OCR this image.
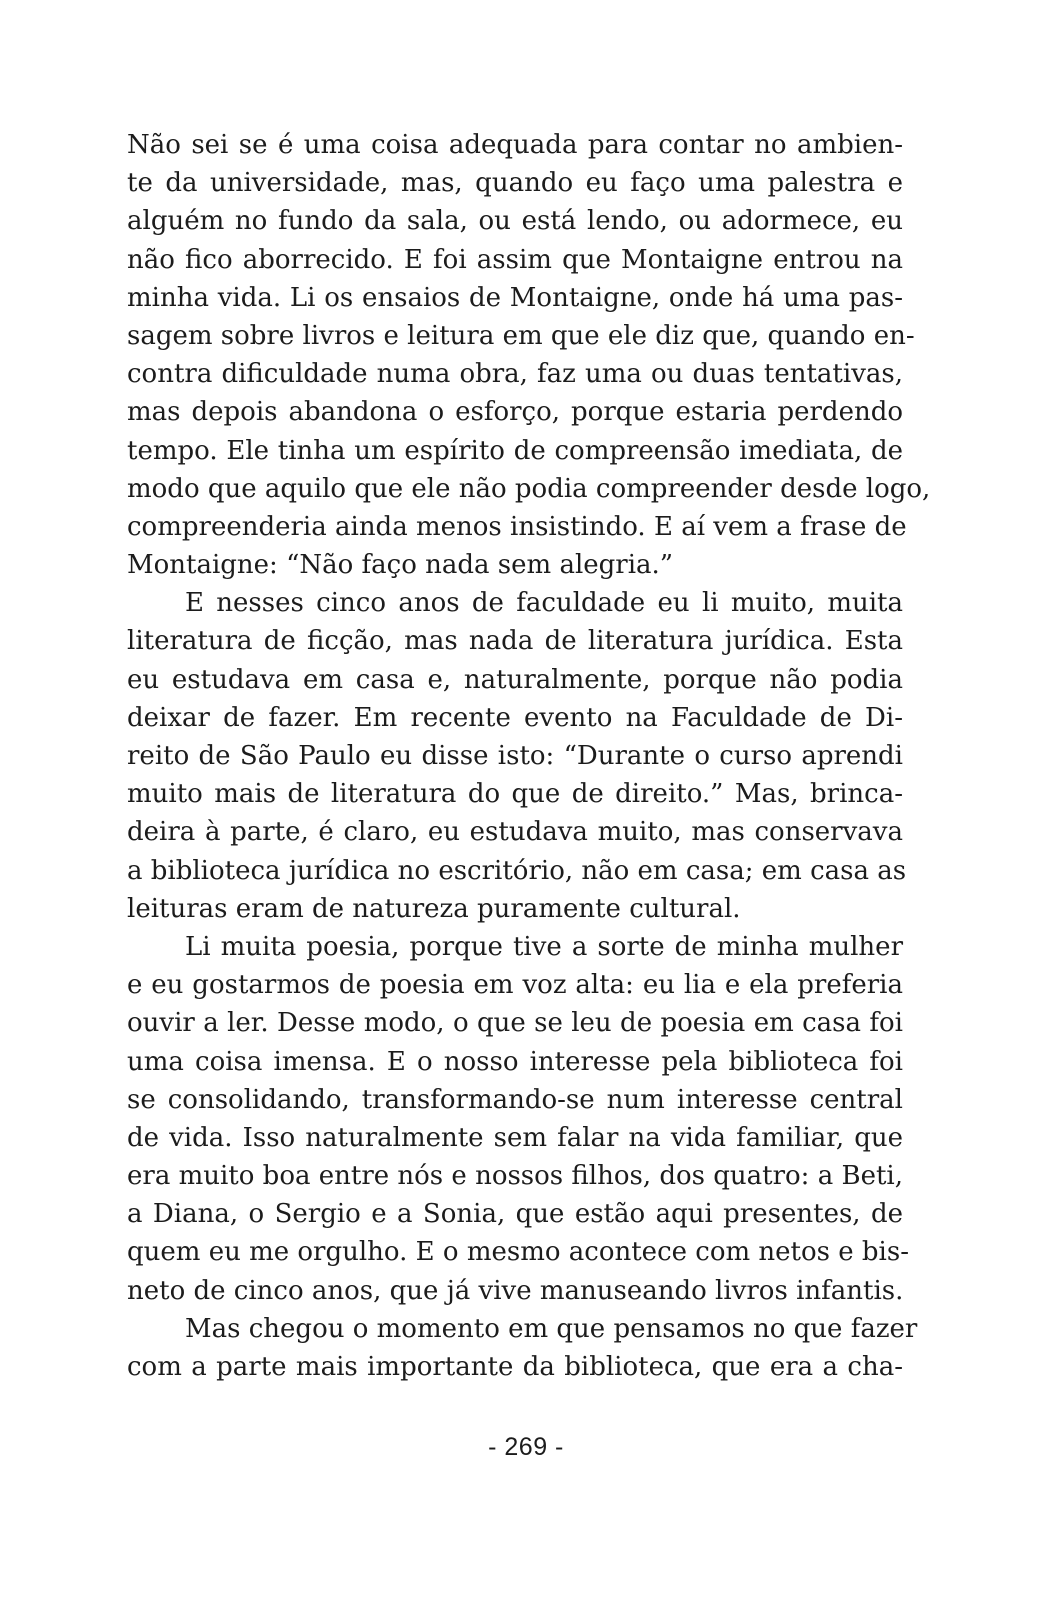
Não sei se é uma coisa adequada para contar no ambien-
te da universidade, mas, quando eu faço uma palestra e
alguém no fundo da sala, ou está lendo, ou adormece, eu
não fico aborrecido. E foi assim que Montaigne entrou na
minha vida. Li os ensaios de Montaigne, onde há uma pas-
sagem sobre livros e leitura em que ele diz que, quando en-
contra dificuldade numa obra, faz uma ou duas tentativas,
mas depois abandona o esforço, porque estaria perdendo
tempo. Ele tinha um espírito de compreensão imediata, de
modo que aquilo que ele não podia compreender desde logo,
compreenderia ainda menos insistindo. E aí vem a frase de
Montaigne: “Não faço nada sem alegria.”
E nesses cinco anos de faculdade eu li muito, muita
literatura de ficção, mas nada de literatura jurídica. Esta
eu estudava em casa e, naturalmente, porque não podia
deixar de fazer. Em recente evento na Faculdade de Di-
reito de São Paulo eu disse isto: “Durante o curso aprendi
muito mais de literatura do que de direito.” Mas, brinca-
deira à parte, é claro, eu estudava muito, mas conservava
a biblioteca jurídica no escritório, não em casa; em casa as
leituras eram de natureza puramente cultural.
Li muita poesia, porque tive a sorte de minha mulher
e eu gostarmos de poesia em voz alta: eu lia e ela preferia
ouvir a ler. Desse modo, o que se leu de poesia em casa foi
uma coisa imensa. E o nosso interesse pela biblioteca foi
se consolidando, transformando-se num interesse central
de vida. Isso naturalmente sem falar na vida familiar, que
era muito boa entre nós e nossos filhos, dos quatro: a Beti,
a Diana, o Sergio e a Sonia, que estão aqui presentes, de
quem eu me orgulho. E o mesmo acontece com netos e bis-
neto de cinco anos, que já vive manuseando livros infantis.
Mas chegou o momento em que pensamos no que fazer
com a parte mais importante da biblioteca, que era a cha-
- 269 -
